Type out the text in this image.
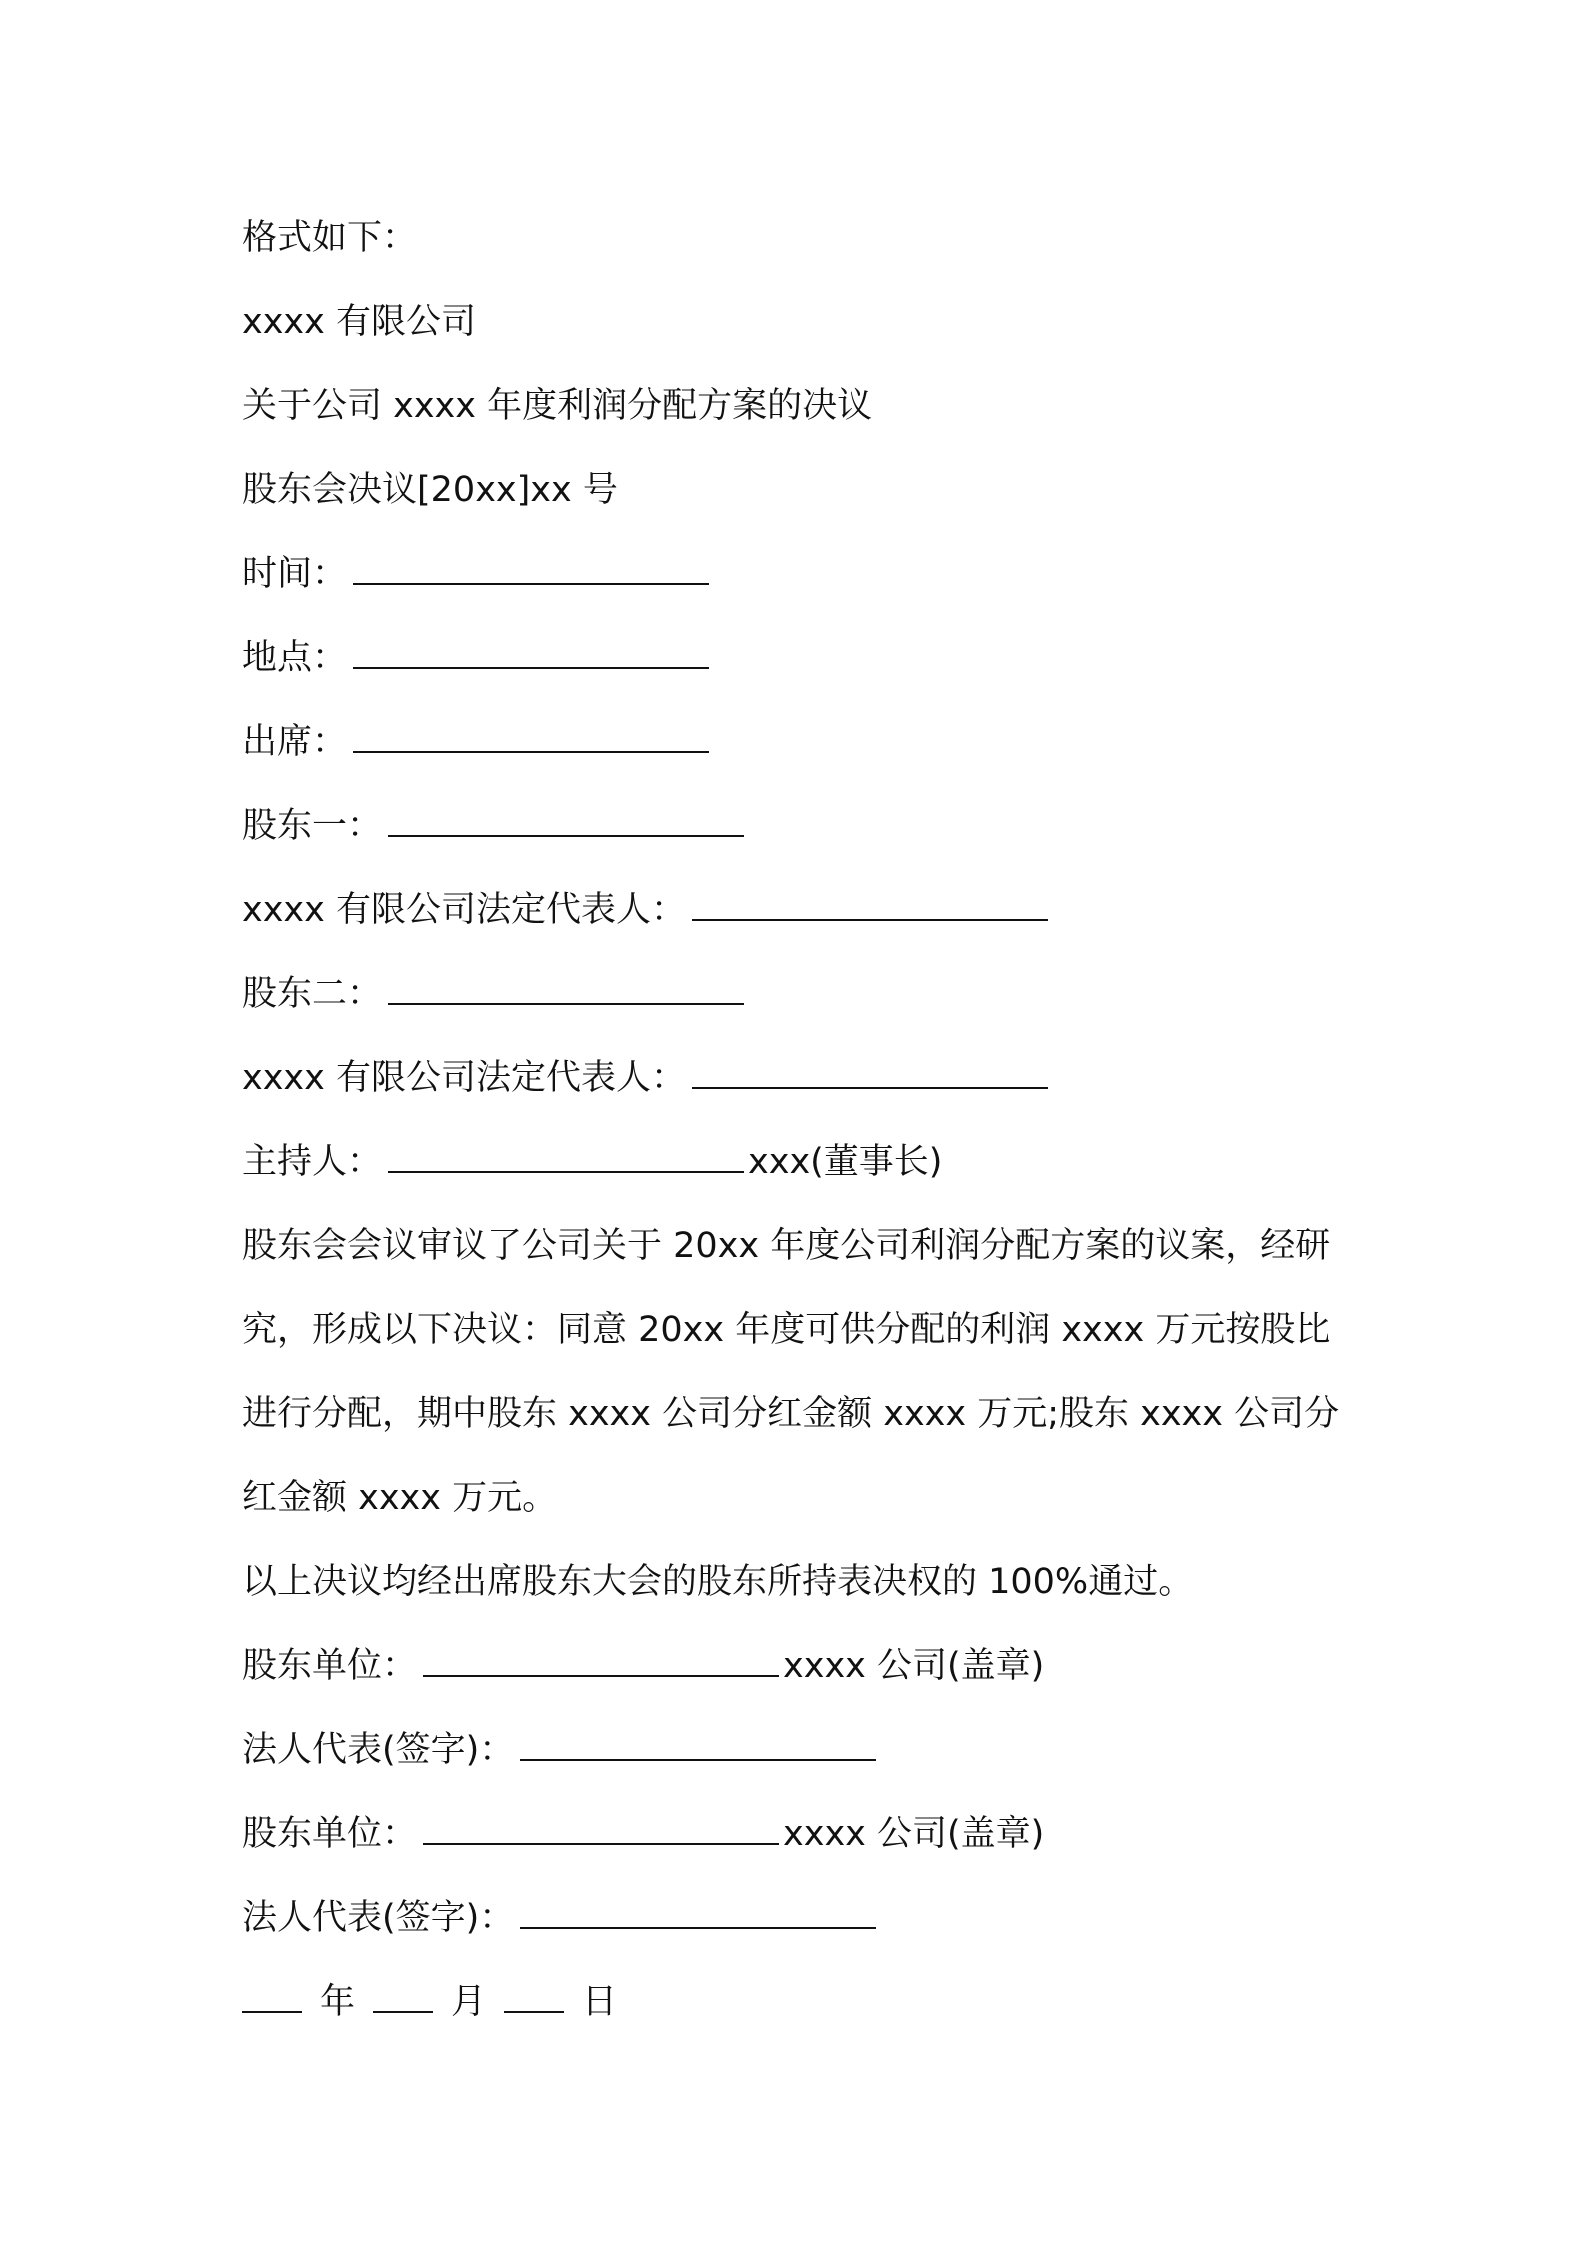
格式如下：
xxxx 有限公司
关于公司 xxxx 年度利润分配方案的决议
股东会决议[20xx]xx 号
时间：
地点：
出席：
股东一：
xxxx 有限公司法定代表人：
股东二：
xxxx 有限公司法定代表人：
主持人：	xxx(董事长)

股东会会议审议了公司关于 20xx 年度公司利润分配方案的议案，经研究，形成以下决议：同意 20xx 年度可供分配的利润 xxxx 万元按股比进行分配，期中股东 xxxx 公司分红金额 xxxx 万元;股东 xxxx 公司分红金额 xxxx 万元。

以上决议均经出席股东大会的股东所持表决权的 100%通过。
股东单位：	xxxx 公司(盖章)
法人代表(签字)：
股东单位：	xxxx 公司(盖章)
法人代表(签字)：
年	月	日
